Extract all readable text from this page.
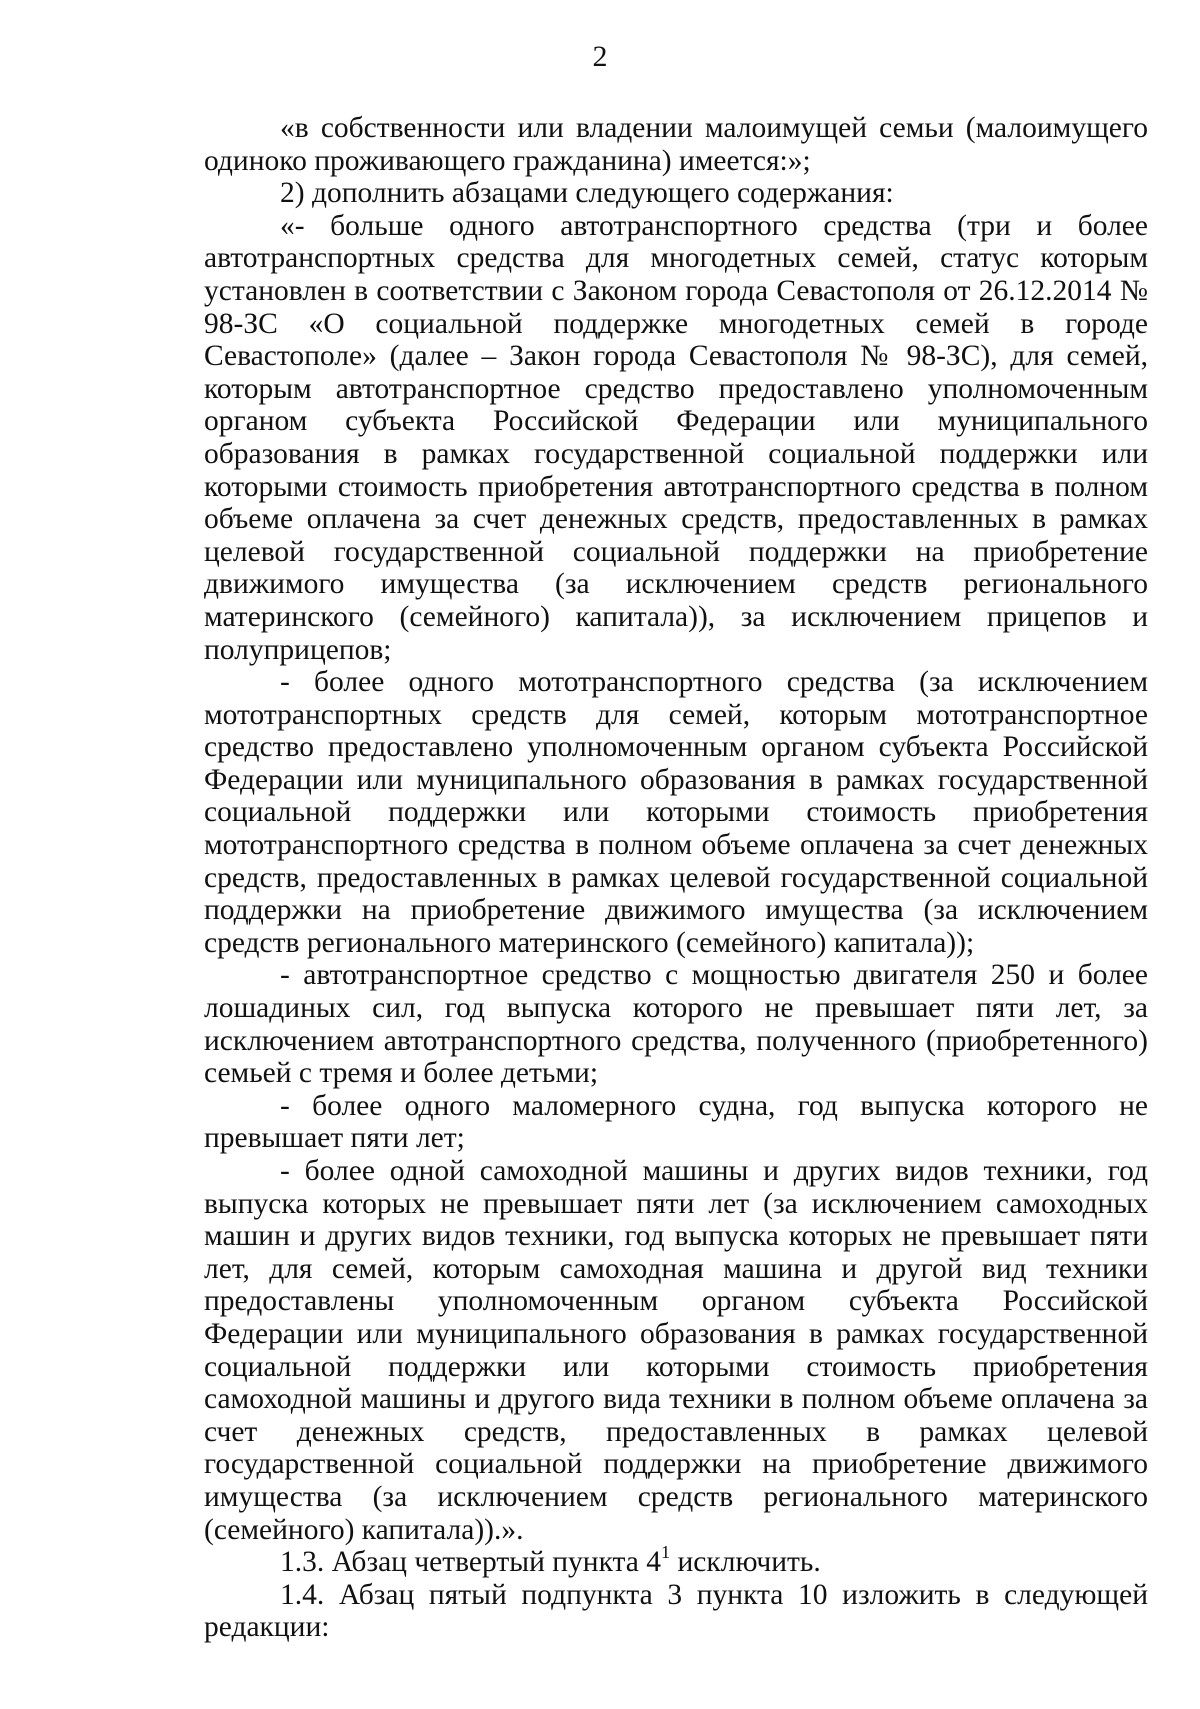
2

«в собственности или владении малоимущей семьи (малоимущего одиноко проживающего гражданина) имеется:»;

2) дополнить абзацами следующего содержания:

«- больше одного автотранспортного средства (три и более автотранспортных средства для многодетных семей, статус которым установлен в соответствии с Законом города Севастополя от 26.12.2014 № 98-ЗС «О социальной поддержке многодетных семей в городе Севастополе» (далее – Закон города Севастополя № 98-ЗС), для семей, которым автотранспортное средство предоставлено уполномоченным органом субъекта Российской Федерации или муниципального образования в рамках государственной социальной поддержки или которыми стоимость приобретения автотранспортного средства в полном объеме оплачена за счет денежных средств, предоставленных в рамках целевой государственной социальной поддержки на приобретение движимого имущества (за исключением средств регионального материнского (семейного) капитала)), за исключением прицепов и полуприцепов;

- более одного мототранспортного средства (за исключением мототранспортных средств для семей, которым мототранспортное средство предоставлено уполномоченным органом субъекта Российской Федерации или муниципального образования в рамках государственной социальной поддержки или которыми стоимость приобретения мототранспортного средства в полном объеме оплачена за счет денежных средств, предоставленных в рамках целевой государственной социальной поддержки на приобретение движимого имущества (за исключением средств регионального материнского (семейного) капитала));

- автотранспортное средство с мощностью двигателя 250 и более лошадиных сил, год выпуска которого не превышает пяти лет, за исключением автотранспортного средства, полученного (приобретенного) семьей с тремя и более детьми;

- более одного маломерного судна, год выпуска которого не превышает пяти лет;

- более одной самоходной машины и других видов техники, год выпуска которых не превышает пяти лет (за исключением самоходных машин и других видов техники, год выпуска которых не превышает пяти лет, для семей, которым самоходная машина и другой вид техники предоставлены уполномоченным органом субъекта Российской Федерации или муниципального образования в рамках государственной социальной поддержки или которыми стоимость приобретения самоходной машины и другого вида техники в полном объеме оплачена за счет денежных средств, предоставленных в рамках целевой государственной социальной поддержки на приобретение движимого имущества (за исключением средств регионального материнского (семейного) капитала)).».

1.3. Абзац четвертый пункта $4^1$ исключить.

1.4. Абзац пятый подпункта 3 пункта 10 изложить в следующей редакции:
